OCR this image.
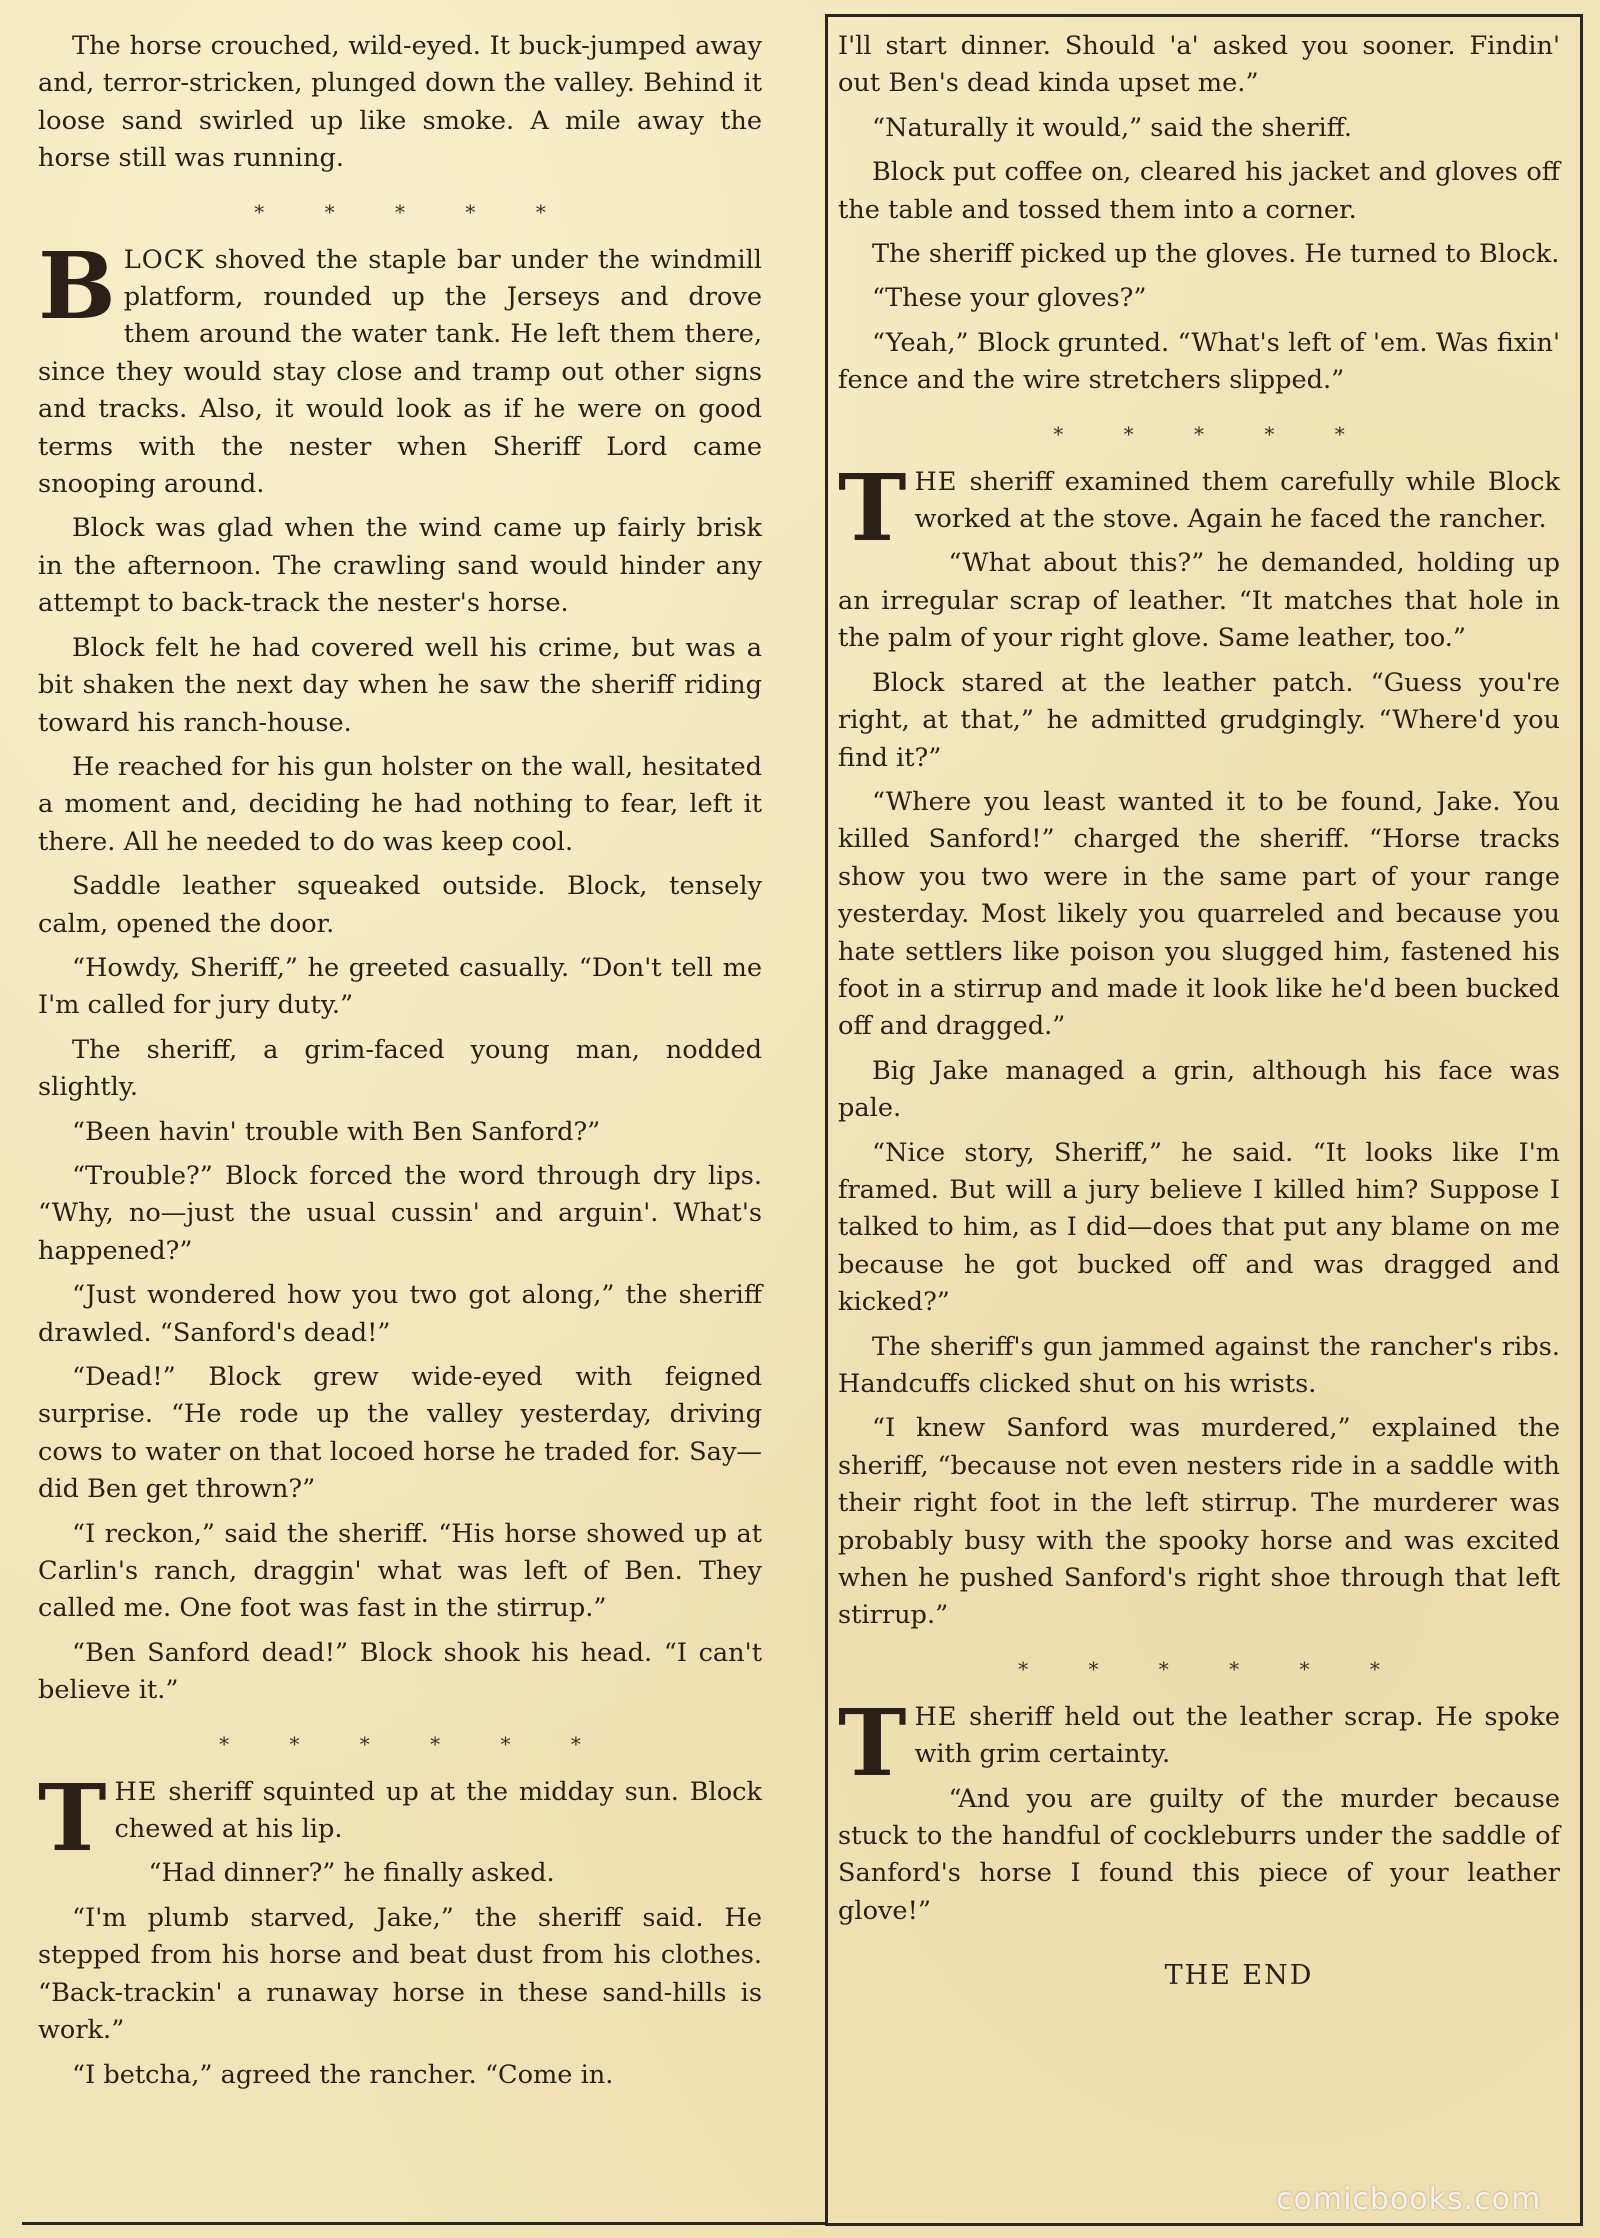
The horse crouched, wild-eyed. It buck-jumped away and, terror-stricken, plunged down the valley. Behind it loose sand swirled up like smoke. A mile away the horse still was running.

* * * * *

BLOCK shoved the staple bar under the windmill platform, rounded up the Jerseys and drove them around the water tank. He left them there, since they would stay close and tramp out other signs and tracks. Also, it would look as if he were on good terms with the nester when Sheriff Lord came snooping around.

Block was glad when the wind came up fairly brisk in the afternoon. The crawling sand would hinder any attempt to back-track the nester's horse.

Block felt he had covered well his crime, but was a bit shaken the next day when he saw the sheriff riding toward his ranch-house.

He reached for his gun holster on the wall, hesitated a moment and, deciding he had nothing to fear, left it there. All he needed to do was keep cool.

Saddle leather squeaked outside. Block, tensely calm, opened the door.

“Howdy, Sheriff,” he greeted casually. “Don't tell me I'm called for jury duty.”

The sheriff, a grim-faced young man, nodded slightly.

“Been havin' trouble with Ben Sanford?”

“Trouble?” Block forced the word through dry lips. “Why, no—just the usual cussin' and arguin'. What's happened?”

“Just wondered how you two got along,” the sheriff drawled. “Sanford's dead!”

“Dead!” Block grew wide-eyed with feigned surprise. “He rode up the valley yesterday, driving cows to water on that locoed horse he traded for. Say—did Ben get thrown?”

“I reckon,” said the sheriff. “His horse showed up at Carlin's ranch, draggin' what was left of Ben. They called me. One foot was fast in the stirrup.”

“Ben Sanford dead!” Block shook his head. “I can't believe it.”

* * * * * *

THE sheriff squinted up at the midday sun. Block chewed at his lip.

“Had dinner?” he finally asked.

“I'm plumb starved, Jake,” the sheriff said. He stepped from his horse and beat dust from his clothes. “Back-trackin' a runaway horse in these sand-hills is work.”

“I betcha,” agreed the rancher. “Come in.

I'll start dinner. Should 'a' asked you sooner. Findin' out Ben's dead kinda upset me.”

“Naturally it would,” said the sheriff.

Block put coffee on, cleared his jacket and gloves off the table and tossed them into a corner.

The sheriff picked up the gloves. He turned to Block.

“These your gloves?”

“Yeah,” Block grunted. “What's left of 'em. Was fixin' fence and the wire stretchers slipped.”

* * * * *

THE sheriff examined them carefully while Block worked at the stove. Again he faced the rancher.

“What about this?” he demanded, holding up an irregular scrap of leather. “It matches that hole in the palm of your right glove. Same leather, too.”

Block stared at the leather patch. “Guess you're right, at that,” he admitted grudgingly. “Where'd you find it?”

“Where you least wanted it to be found, Jake. You killed Sanford!” charged the sheriff. “Horse tracks show you two were in the same part of your range yesterday. Most likely you quarreled and because you hate settlers like poison you slugged him, fastened his foot in a stirrup and made it look like he'd been bucked off and dragged.”

Big Jake managed a grin, although his face was pale.

“Nice story, Sheriff,” he said. “It looks like I'm framed. But will a jury believe I killed him? Suppose I talked to him, as I did—does that put any blame on me because he got bucked off and was dragged and kicked?”

The sheriff's gun jammed against the rancher's ribs. Handcuffs clicked shut on his wrists.

“I knew Sanford was murdered,” explained the sheriff, “because not even nesters ride in a saddle with their right foot in the left stirrup. The murderer was probably busy with the spooky horse and was excited when he pushed Sanford's right shoe through that left stirrup.”

* * * * * *

THE sheriff held out the leather scrap. He spoke with grim certainty.

“And you are guilty of the murder because stuck to the handful of cockleburrs under the saddle of Sanford's horse I found this piece of your leather glove!”

THE END
comicbooks.com
